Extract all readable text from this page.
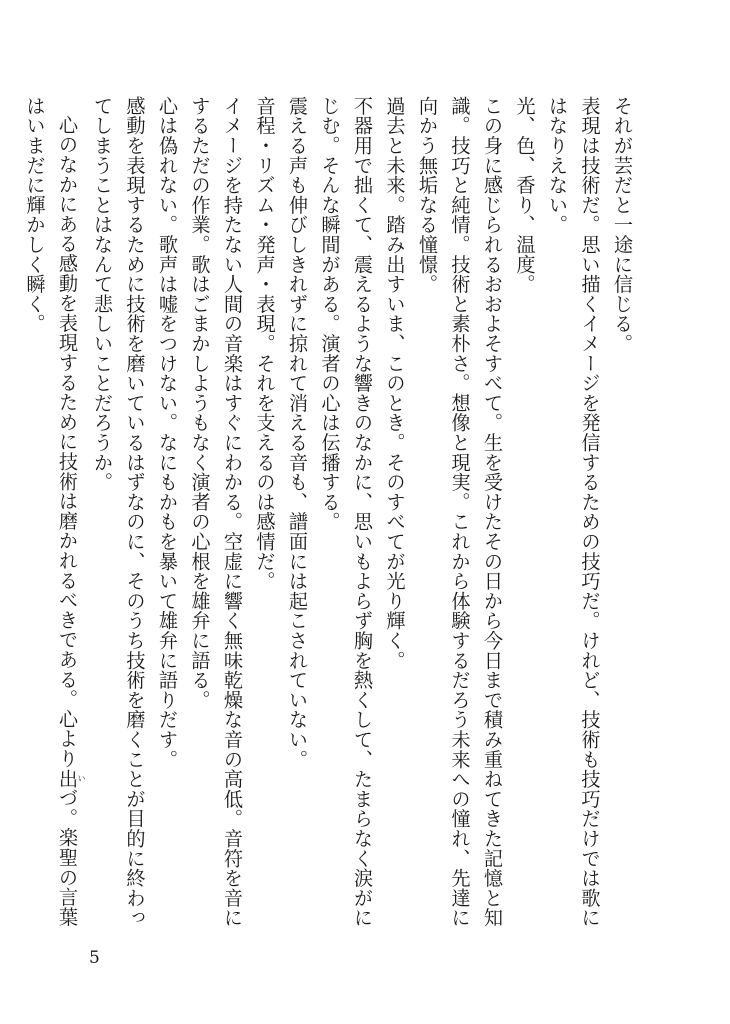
それが芸だと一途に信じる。

表現は技術だ。思い描くイメージを発信するための技巧だ。けれど、技術も技巧だけでは歌にはなりえない。

光、色、香り、温度。

この身に感じられるおおよそすべて。生を受けたその日から今日まで積み重ねてきた記憶と知識。技巧と純情。技術と素朴さ。想像と現実。これから体験するだろう未来への憧れ、先達に向かう無垢なる憧憬。

過去と未来。踏み出すいま、このとき。そのすべてが光り輝く。

不器用で拙くて、震えるような響きのなかに、思いもよらず胸を熱くして、たまらなく涙がにじむ。そんな瞬間がある。演者の心は伝播する。

震える声も伸びしきれずに掠れて消える音も、譜面には起こされていない。

音程・リズム・発声・表現。それを支えるのは感情だ。

イメージを持たない人間の音楽はすぐにわかる。空虚に響く無味乾燥な音の高低。音符を音にするただの作業。歌はごまかしようもなく演者の心根を雄弁に語る。

心は偽れない。歌声は嘘をつけない。なにもかもを暴いて雄弁に語りだす。

感動を表現するために技術を磨いているはずなのに、そのうち技術を磨くことが目的に終わってしまうことはなんて悲しいことだろうか。

心のなかにある感動を表現するために技術は磨かれるべきである。心より出いづ。楽聖の言葉はいまだに輝かしく瞬く。

5
